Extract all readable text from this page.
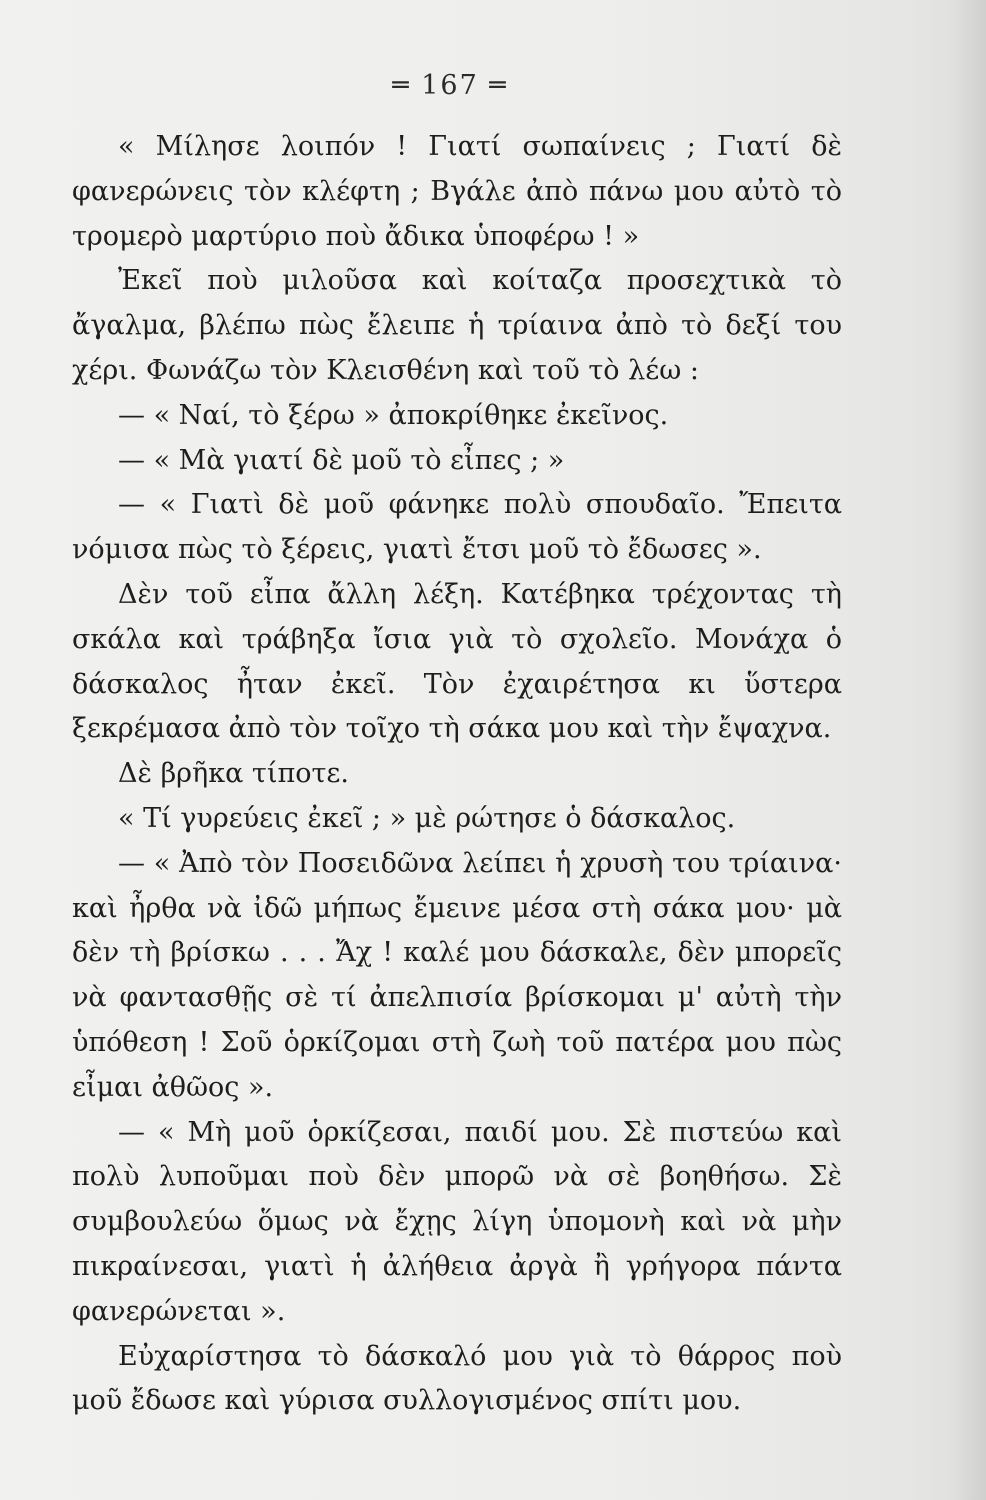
═ 167 ═

« Μίλησε λοιπόν ! Γιατί σωπαίνεις ; Γιατί δὲ φανερώνεις τὸν κλέφτη ; Βγάλε ἀπὸ πάνω μου αὐτὸ τὸ τρομερὸ μαρτύριο ποὺ ἄδικα ὑποφέρω ! »

Ἐκεῖ ποὺ μιλοῦσα καὶ κοίταζα προσεχτικὰ τὸ ἄγαλμα, βλέπω πὼς ἔλειπε ἡ τρίαινα ἀπὸ τὸ δεξί του χέρι. Φωνάζω τὸν Κλεισθένη καὶ τοῦ τὸ λέω :

— « Ναί, τὸ ξέρω » ἀποκρίθηκε ἐκεῖνος.

— « Μὰ γιατί δὲ μοῦ τὸ εἶπες ; »

— « Γιατὶ δὲ μοῦ φάνηκε πολὺ σπουδαῖο. Ἔπειτα νόμισα πὼς τὸ ξέρεις, γιατὶ ἔτσι μοῦ τὸ ἔδωσες ».

Δὲν τοῦ εἶπα ἄλλη λέξη. Κατέβηκα τρέχοντας τὴ σκάλα καὶ τράβηξα ἴσια γιὰ τὸ σχολεῖο. Μονάχα ὁ δάσκαλος ἦταν ἐκεῖ. Τὸν ἐχαιρέτησα κι ὕστερα ξεκρέμασα ἀπὸ τὸν τοῖχο τὴ σάκα μου καὶ τὴν ἔψαχνα.

Δὲ βρῆκα τίποτε.

« Τί γυρεύεις ἐκεῖ ; » μὲ ρώτησε ὁ δάσκαλος.

— « Ἀπὸ τὸν Ποσειδῶνα λείπει ἡ χρυσὴ του τρίαινα· καὶ ἦρθα νὰ ἰδῶ μήπως ἔμεινε μέσα στὴ σάκα μου· μὰ δὲν τὴ βρίσκω . . . Ἄχ ! καλέ μου δάσκαλε, δὲν μπορεῖς νὰ φαντασθῇς σὲ τί ἀπελπισία βρίσκομαι μ' αὐτὴ τὴν ὑπόθεση ! Σοῦ ὁρκίζομαι στὴ ζωὴ τοῦ πατέρα μου πὼς εἶμαι ἀθῶος ».

— « Μὴ μοῦ ὁρκίζεσαι, παιδί μου. Σὲ πιστεύω καὶ πολὺ λυποῦμαι ποὺ δὲν μπορῶ νὰ σὲ βοηθήσω. Σὲ συμβουλεύω ὅμως νὰ ἔχῃς λίγη ὑπομονὴ καὶ νὰ μὴν πικραίνεσαι, γιατὶ ἡ ἀλήθεια ἀργὰ ἢ γρήγορα πάντα φανερώνεται ».

Εὐχαρίστησα τὸ δάσκαλό μου γιὰ τὸ θάρρος ποὺ μοῦ ἔδωσε καὶ γύρισα συλλογισμένος σπίτι μου.
